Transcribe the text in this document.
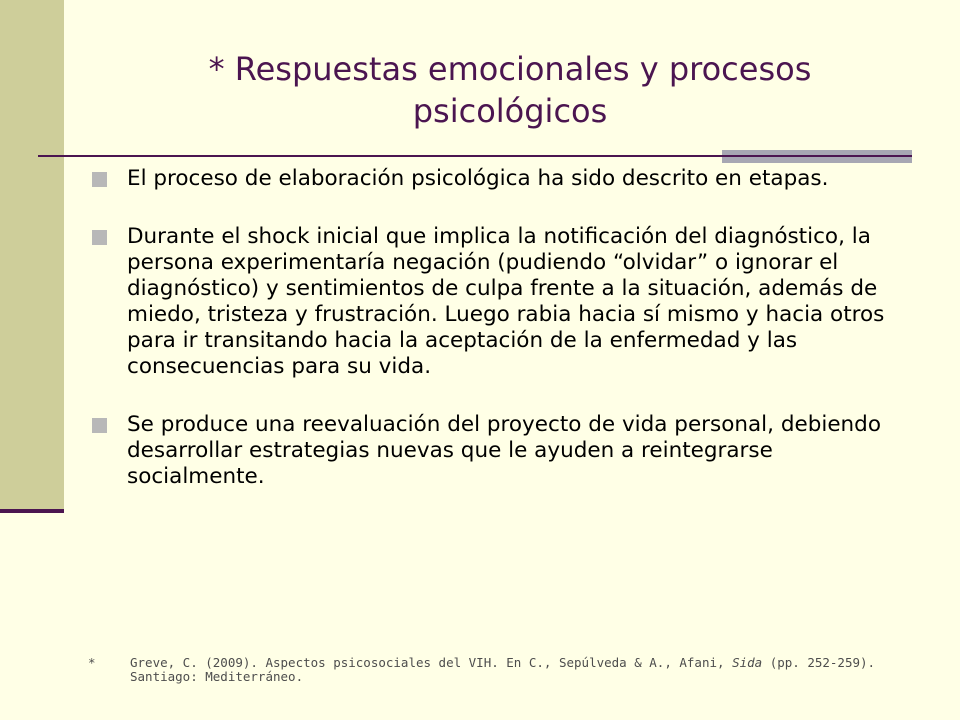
* Respuestas emocionales y procesos psicológicos
El proceso de elaboración psicológica ha sido descrito en etapas.
Durante el shock inicial que implica la notificación del diagnóstico, la persona experimentaría negación (pudiendo “olvidar” o ignorar el diagnóstico) y sentimientos de culpa frente a la situación, además de miedo, tristeza y frustración. Luego rabia hacia sí mismo y hacia otros para ir transitando hacia la aceptación de la enfermedad y las consecuencias para su vida.
Se produce una reevaluación del proyecto de vida personal, debiendo desarrollar estrategias nuevas que le ayuden a reintegrarse socialmente.
*	Greve, C. (2009). Aspectos psicosociales del VIH. En C., Sepúlveda & A., Afani, Sida (pp. 252-259). Santiago: Mediterráneo.
